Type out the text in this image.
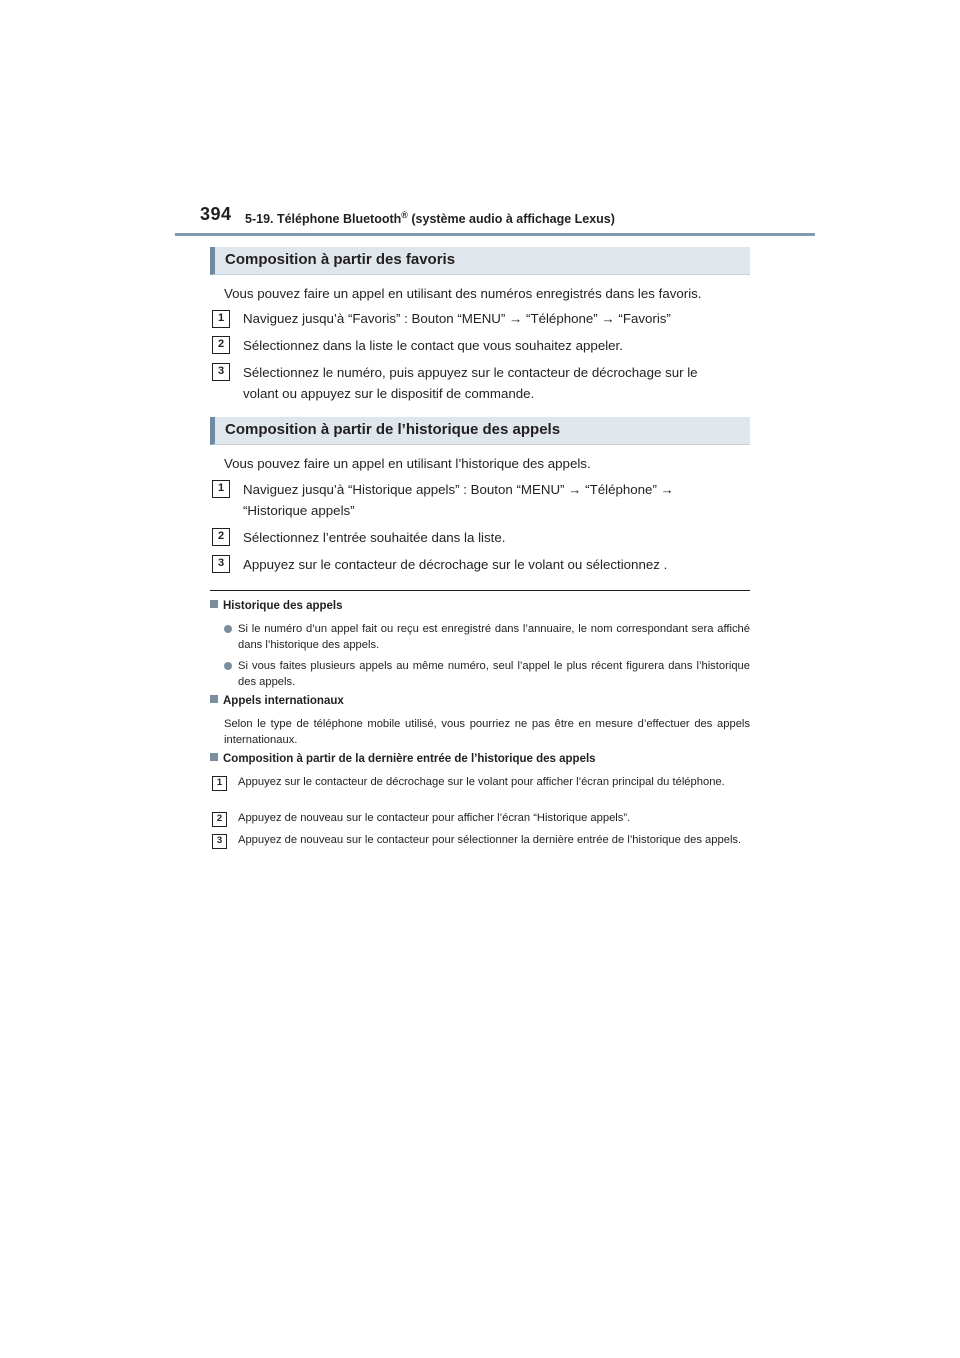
394 5-19. Téléphone Bluetooth® (système audio à affichage Lexus)
Composition à partir des favoris
Vous pouvez faire un appel en utilisant des numéros enregistrés dans les favoris.
1	Naviguez jusqu’à “Favoris” : Bouton “MENU” → “Téléphone” → “Favoris”
2	Sélectionnez dans la liste le contact que vous souhaitez appeler.
3	Sélectionnez le numéro, puis appuyez sur le contacteur de décrochage sur le
volant ou appuyez sur le dispositif de commande.
Composition à partir de l’historique des appels
Vous pouvez faire un appel en utilisant l’historique des appels.
1	Naviguez jusqu’à “Historique appels” : Bouton “MENU” → “Téléphone” →
“Historique appels”
2	Sélectionnez l’entrée souhaitée dans la liste.
3	Appuyez sur le contacteur de décrochage sur le volant ou sélectionnez .
Historique des appels
Si le numéro d’un appel fait ou reçu est enregistré dans l’annuaire, le nom correspondant sera affiché dans l’historique des appels.
Si vous faites plusieurs appels au même numéro, seul l’appel le plus récent figurera dans l’historique des appels.
Appels internationaux
Selon le type de téléphone mobile utilisé, vous pourriez ne pas être en mesure d’effectuer des appels internationaux.
Composition à partir de la dernière entrée de l’historique des appels
1	Appuyez sur le contacteur de décrochage sur le volant pour afficher l’écran principal du téléphone.
2	Appuyez de nouveau sur le contacteur pour afficher l’écran “Historique appels”.
3	Appuyez de nouveau sur le contacteur pour sélectionner la dernière entrée de l’historique des appels.
